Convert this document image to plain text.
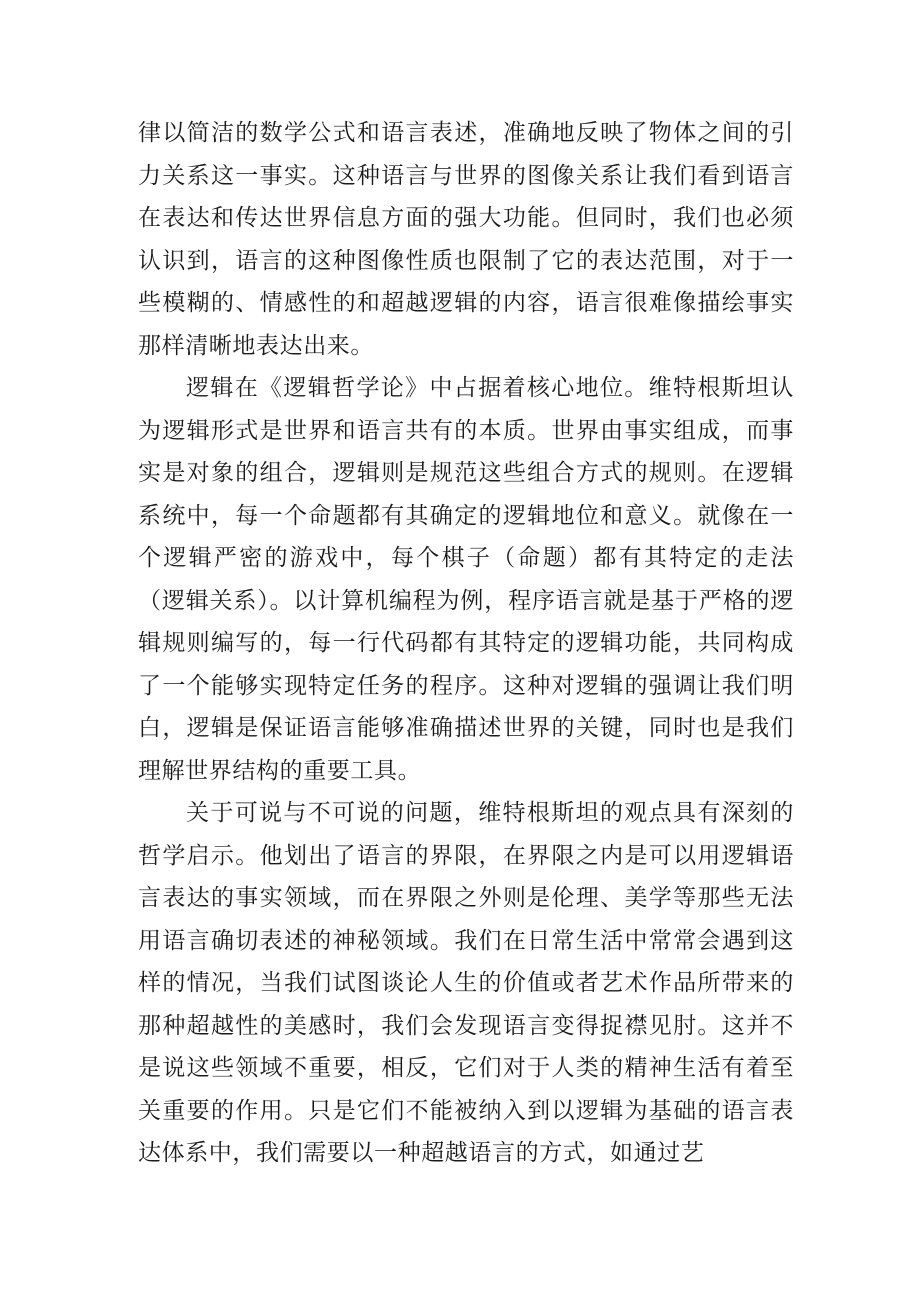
律以简洁的数学公式和语言表述，准确地反映了物体之间的引力关系这一事实。这种语言与世界的图像关系让我们看到语言在表达和传达世界信息方面的强大功能。但同时，我们也必须认识到，语言的这种图像性质也限制了它的表达范围，对于一些模糊的、情感性的和超越逻辑的内容，语言很难像描绘事实那样清晰地表达出来。

逻辑在《逻辑哲学论》中占据着核心地位。维特根斯坦认为逻辑形式是世界和语言共有的本质。世界由事实组成，而事实是对象的组合，逻辑则是规范这些组合方式的规则。在逻辑系统中，每一个命题都有其确定的逻辑地位和意义。就像在一个逻辑严密的游戏中，每个棋子（命题）都有其特定的走法（逻辑关系）。以计算机编程为例，程序语言就是基于严格的逻辑规则编写的，每一行代码都有其特定的逻辑功能，共同构成了一个能够实现特定任务的程序。这种对逻辑的强调让我们明白，逻辑是保证语言能够准确描述世界的关键，同时也是我们理解世界结构的重要工具。

关于可说与不可说的问题，维特根斯坦的观点具有深刻的哲学启示。他划出了语言的界限，在界限之内是可以用逻辑语言表达的事实领域，而在界限之外则是伦理、美学等那些无法用语言确切表述的神秘领域。我们在日常生活中常常会遇到这样的情况，当我们试图谈论人生的价值或者艺术作品所带来的那种超越性的美感时，我们会发现语言变得捉襟见肘。这并不是说这些领域不重要，相反，它们对于人类的精神生活有着至关重要的作用。只是它们不能被纳入到以逻辑为基础的语言表达体系中，我们需要以一种超越语言的方式，如通过艺
